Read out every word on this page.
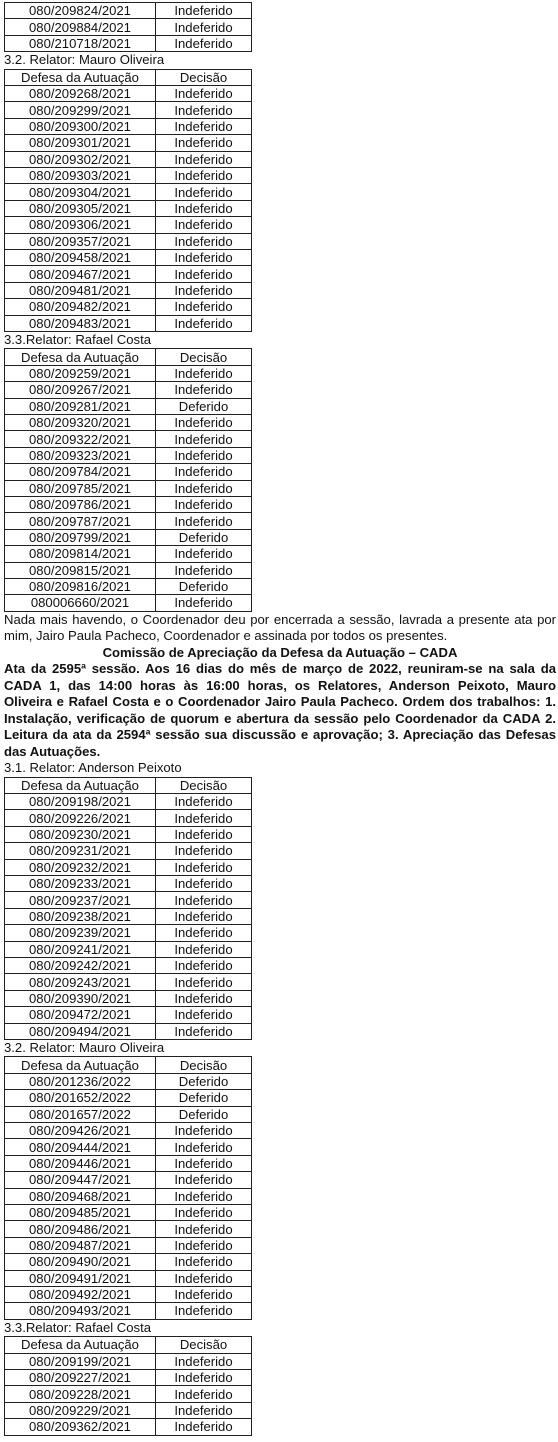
080/209824/2021	Indeferido
080/209884/2021	Indeferido
080/210718/2021	Indeferido
3.2. Relator: Mauro Oliveira
Defesa da Autuação	Decisão
080/209268/2021	Indeferido
080/209299/2021	Indeferido
080/209300/2021	Indeferido
080/209301/2021	Indeferido
080/209302/2021	Indeferido
080/209303/2021	Indeferido
080/209304/2021	Indeferido
080/209305/2021	Indeferido
080/209306/2021	Indeferido
080/209357/2021	Indeferido
080/209458/2021	Indeferido
080/209467/2021	Indeferido
080/209481/2021	Indeferido
080/209482/2021	Indeferido
080/209483/2021	Indeferido
3.3.Relator: Rafael Costa
Defesa da Autuação	Decisão
080/209259/2021	Indeferido
080/209267/2021	Indeferido
080/209281/2021	Deferido
080/209320/2021	Indeferido
080/209322/2021	Indeferido
080/209323/2021	Indeferido
080/209784/2021	Indeferido
080/209785/2021	Indeferido
080/209786/2021	Indeferido
080/209787/2021	Indeferido
080/209799/2021	Deferido
080/209814/2021	Indeferido
080/209815/2021	Indeferido
080/209816/2021	Deferido
080006660/2021	Indeferido

Nada mais havendo, o Coordenador deu por encerrada a sessão, lavrada a presente ata por mim, Jairo Paula Pacheco, Coordenador e assinada por todos os presentes.

Comissão de Apreciação da Defesa da Autuação – CADA

Ata da 2595ª sessão. Aos 16 dias do mês de março de 2022, reuniram-se na sala da CADA 1, das 14:00 horas às 16:00 horas, os Relatores, Anderson Peixoto, Mauro Oliveira e Rafael Costa e o Coordenador Jairo Paula Pacheco. Ordem dos trabalhos: 1. Instalação, verificação de quorum e abertura da sessão pelo Coordenador da CADA 2. Leitura da ata da 2594ª sessão sua discussão e aprovação; 3. Apreciação das Defesas das Autuações.

3.1. Relator: Anderson Peixoto
Defesa da Autuação	Decisão
080/209198/2021	Indeferido
080/209226/2021	Indeferido
080/209230/2021	Indeferido
080/209231/2021	Indeferido
080/209232/2021	Indeferido
080/209233/2021	Indeferido
080/209237/2021	Indeferido
080/209238/2021	Indeferido
080/209239/2021	Indeferido
080/209241/2021	Indeferido
080/209242/2021	Indeferido
080/209243/2021	Indeferido
080/209390/2021	Indeferido
080/209472/2021	Indeferido
080/209494/2021	Indeferido
3.2. Relator: Mauro Oliveira
Defesa da Autuação	Decisão
080/201236/2022	Deferido
080/201652/2022	Deferido
080/201657/2022	Deferido
080/209426/2021	Indeferido
080/209444/2021	Indeferido
080/209446/2021	Indeferido
080/209447/2021	Indeferido
080/209468/2021	Indeferido
080/209485/2021	Indeferido
080/209486/2021	Indeferido
080/209487/2021	Indeferido
080/209490/2021	Indeferido
080/209491/2021	Indeferido
080/209492/2021	Indeferido
080/209493/2021	Indeferido
3.3.Relator: Rafael Costa
Defesa da Autuação	Decisão
080/209199/2021	Indeferido
080/209227/2021	Indeferido
080/209228/2021	Indeferido
080/209229/2021	Indeferido
080/209362/2021	Indeferido
